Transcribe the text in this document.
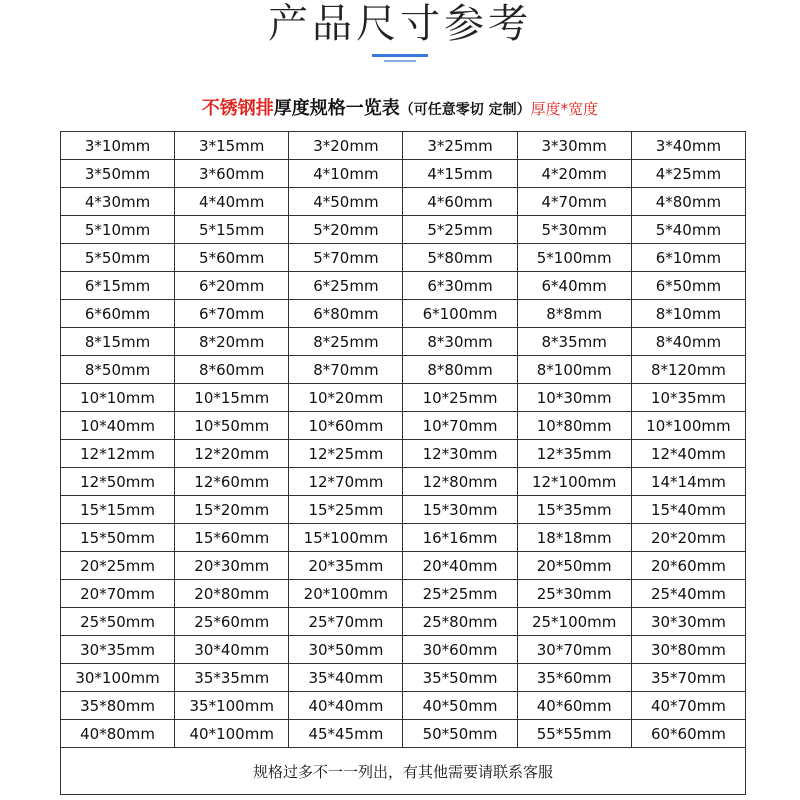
产品尺寸参考
不锈钢排厚度规格一览表（可任意零切 定制）厚度*宽度
3*10mm	3*15mm	3*20mm	3*25mm	3*30mm	3*40mm
3*50mm	3*60mm	4*10mm	4*15mm	4*20mm	4*25mm
4*30mm	4*40mm	4*50mm	4*60mm	4*70mm	4*80mm
5*10mm	5*15mm	5*20mm	5*25mm	5*30mm	5*40mm
5*50mm	5*60mm	5*70mm	5*80mm	5*100mm	6*10mm
6*15mm	6*20mm	6*25mm	6*30mm	6*40mm	6*50mm
6*60mm	6*70mm	6*80mm	6*100mm	8*8mm	8*10mm
8*15mm	8*20mm	8*25mm	8*30mm	8*35mm	8*40mm
8*50mm	8*60mm	8*70mm	8*80mm	8*100mm	8*120mm
10*10mm	10*15mm	10*20mm	10*25mm	10*30mm	10*35mm
10*40mm	10*50mm	10*60mm	10*70mm	10*80mm	10*100mm
12*12mm	12*20mm	12*25mm	12*30mm	12*35mm	12*40mm
12*50mm	12*60mm	12*70mm	12*80mm	12*100mm	14*14mm
15*15mm	15*20mm	15*25mm	15*30mm	15*35mm	15*40mm
15*50mm	15*60mm	15*100mm	16*16mm	18*18mm	20*20mm
20*25mm	20*30mm	20*35mm	20*40mm	20*50mm	20*60mm
20*70mm	20*80mm	20*100mm	25*25mm	25*30mm	25*40mm
25*50mm	25*60mm	25*70mm	25*80mm	25*100mm	30*30mm
30*35mm	30*40mm	30*50mm	30*60mm	30*70mm	30*80mm
30*100mm	35*35mm	35*40mm	35*50mm	35*60mm	35*70mm
35*80mm	35*100mm	40*40mm	40*50mm	40*60mm	40*70mm
40*80mm	40*100mm	45*45mm	50*50mm	55*55mm	60*60mm
规格过多不一一列出，有其他需要请联系客服					
